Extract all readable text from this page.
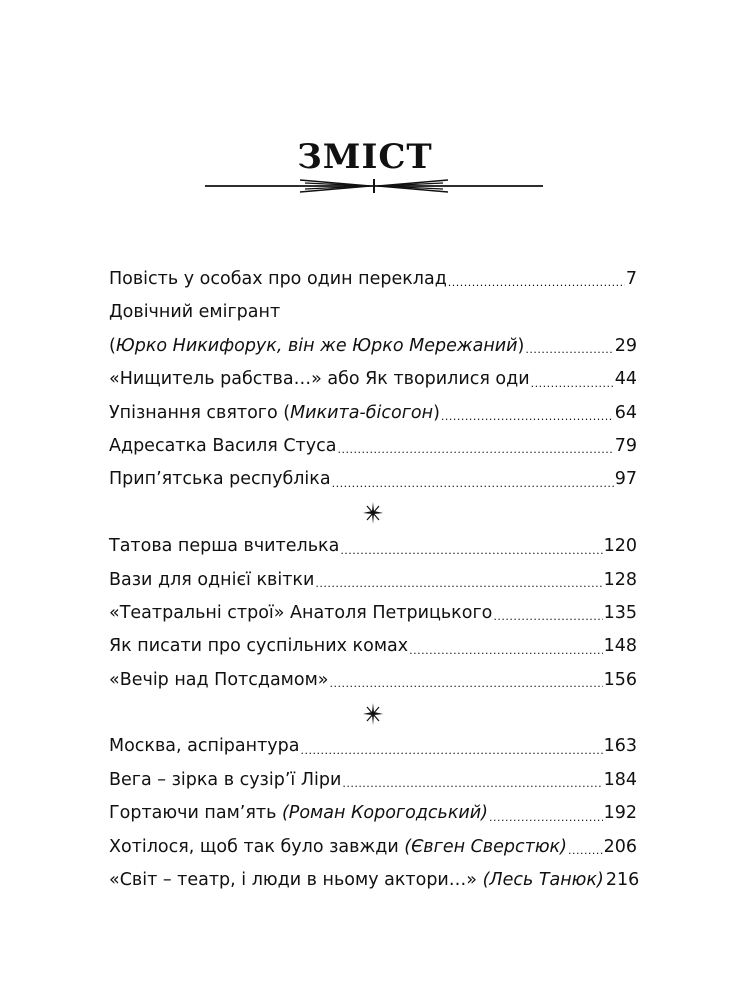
ЗМІСТ
Повість у особах про один переклад .....	7
Довічний емігрант
(Юрко Никифорук, він же Юрко Мережаний) .....	29
«Нищитель рабства…» або Як творилися оди .....	44
Упізнання святого (Микита-бісогон) .....	64
Адресатка Василя Стуса .....	79
Прип’ятська республіка .....	97
Татова перша вчителька .....	120
Вази для однієї квітки .....	128
«Театральні строї» Анатоля Петрицького .....	135
Як писати про суспільних комах .....	148
«Вечір над Потсдамом» .....	156
Москва, аспірантура .....	163
Вега – зірка в сузір’ї Ліри .....	184
Гортаючи пам’ять (Роман Корогодський) .....	192
Хотілося, щоб так було завжди (Євген Сверстюк) ..... 206
«Світ – театр, і люди в ньому актори…» (Лесь Танюк) 216
